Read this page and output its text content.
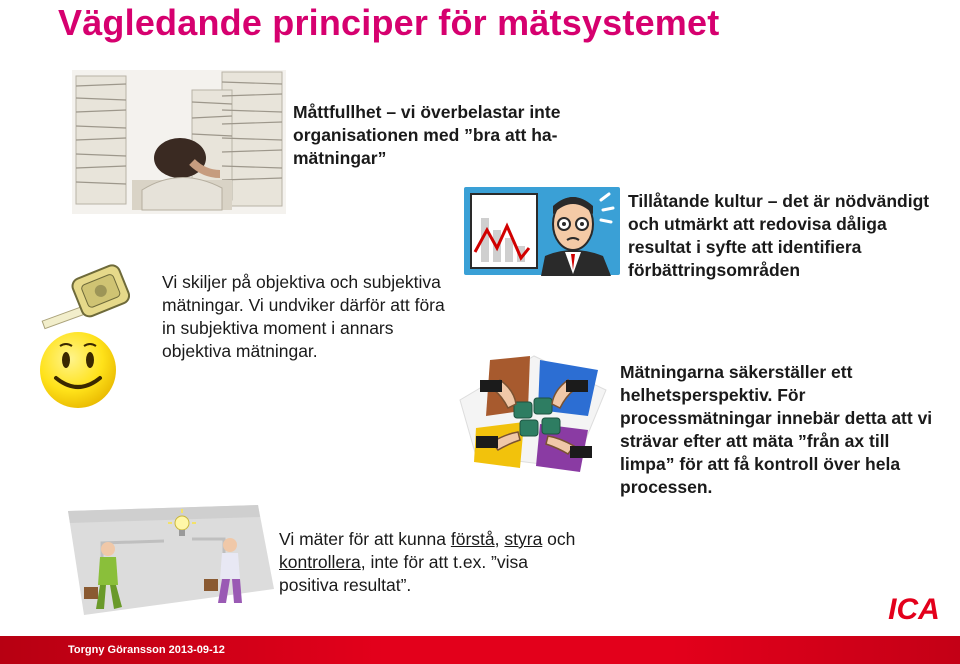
Vägledande principer för mätsystemet
Måttfullhet – vi överbelastar inte organisationen med ”bra att ha-mätningar”
Vi skiljer på objektiva och subjektiva mätningar. Vi undviker därför att föra in subjektiva moment i annars objektiva mätningar.
Tillåtande kultur – det är nödvändigt och utmärkt att redovisa dåliga resultat i syfte att identifiera förbättringsområden
Mätningarna säkerställer ett helhetsperspektiv. För processmätningar innebär detta att vi strävar efter att mäta ”från ax till limpa” för att få kontroll över hela processen.
Vi mäter för att kunna förstå, styra och kontrollera, inte för att t.ex. ”visa positiva resultat”.
ICA
Torgny Göransson 2013-09-12
